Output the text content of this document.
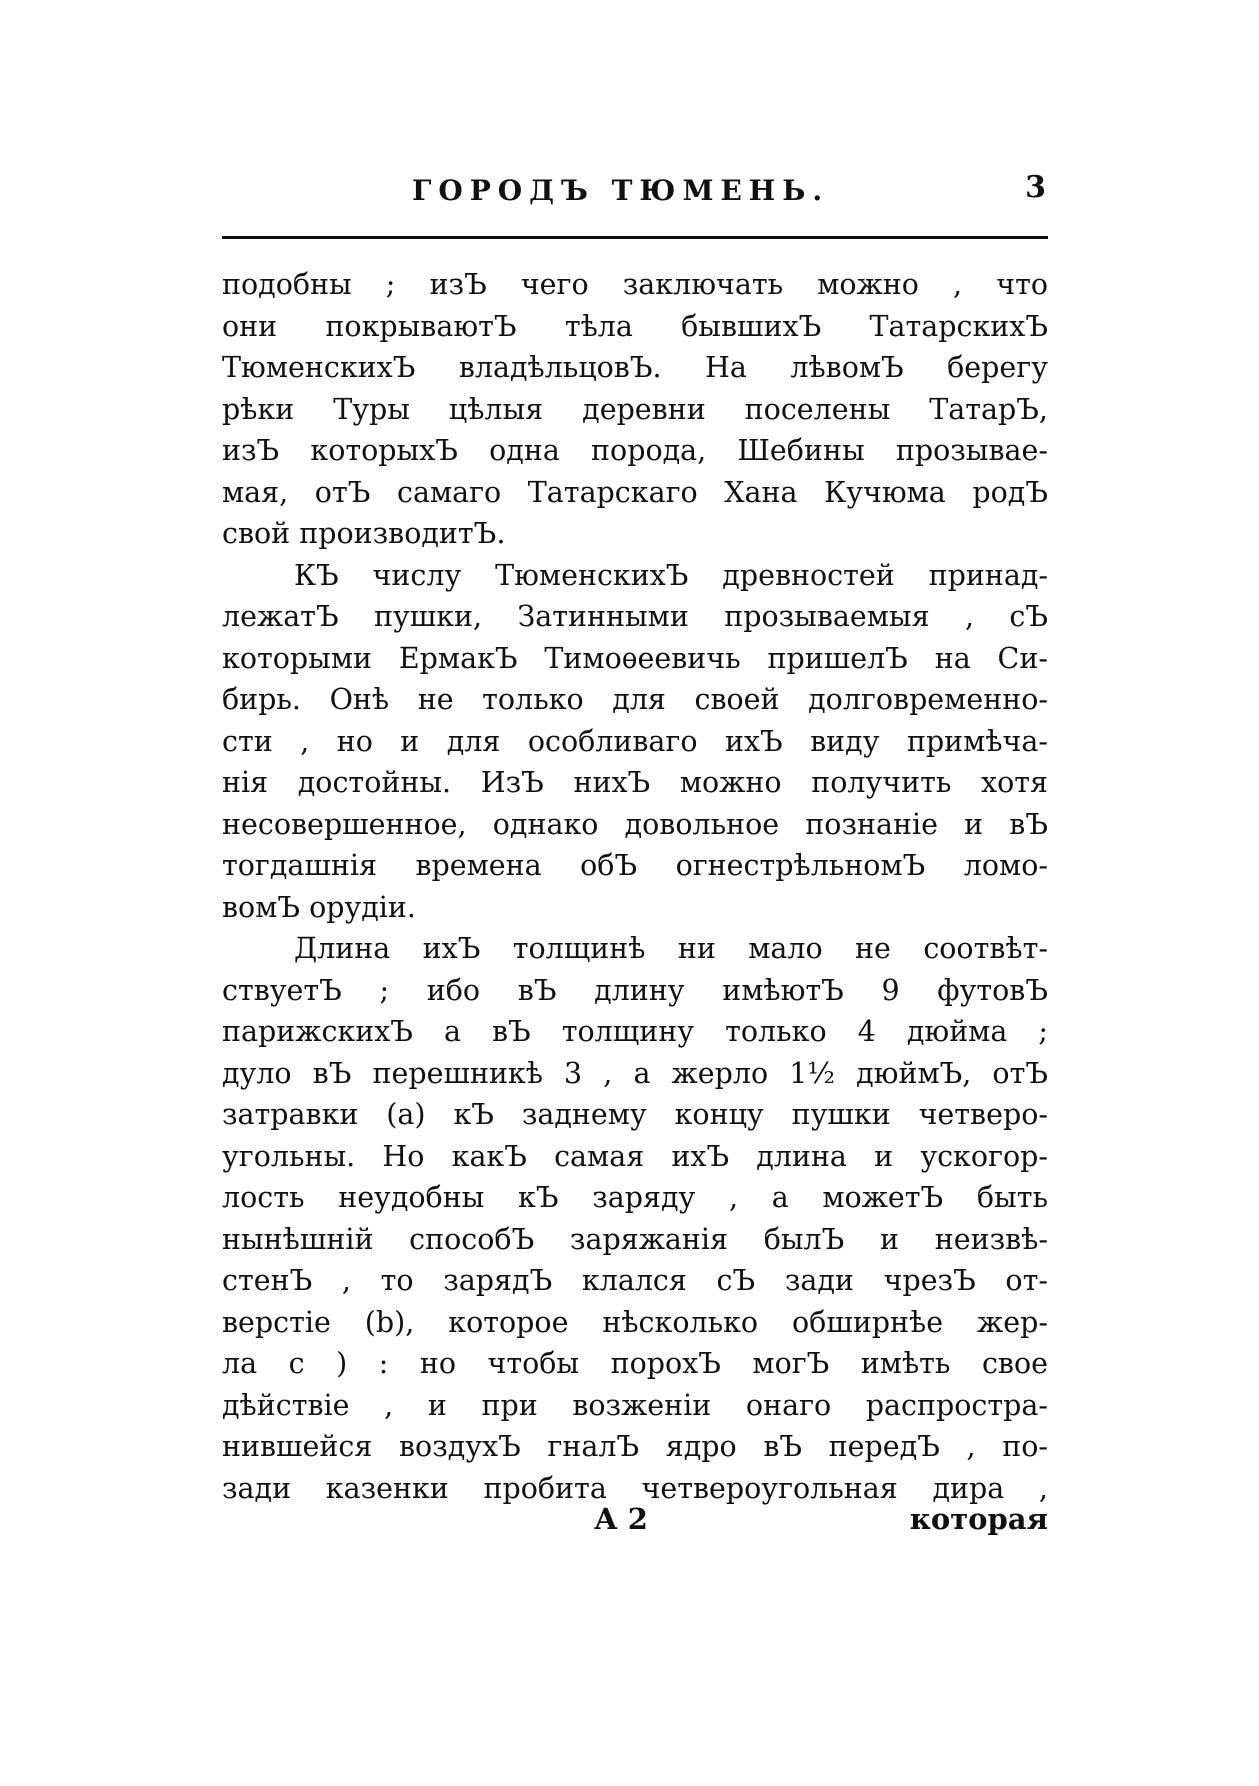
ГОРОДЪ ТЮМЕНЬ.	3
подобны ; изЪ чего заключать можно , что
они покрываютЪ тѣла бывшихЪ ТатарскихЪ
ТюменскихЪ владѣльцовЪ. На лѣвомЪ берегу
рѣки Туры цѣлыя деревни поселены ТатарЪ,
изЪ которыхЪ одна порода, Шебины прозывае-
мая, отЪ самаго Татарскаго Хана Кучюма родЪ
свой производитЪ.
КЪ числу ТюменскихЪ древностей принад-
лежатЪ пушки, Затинными прозываемыя , сЪ
которыми ЕрмакЪ Тимоѳеевичь пришелЪ на Си-
бирь. Онѣ не только для своей долговременно-
сти , но и для особливаго ихЪ виду примѣча-
нія достойны. ИзЪ нихЪ можно получить хотя
несовершенное, однако довольное познаніе и вЪ
тогдашнія времена обЪ огнестрѣльномЪ ломо-
вомЪ орудіи.
Длина ихЪ толщинѣ ни мало не соотвѣт-
ствуетЪ ; ибо вЪ длину имѣютЪ 9 футовЪ
парижскихЪ а вЪ толщину только 4 дюйма ;
дуло вЪ перешникѣ 3 , а жерло 1½ дюймЪ, отЪ
затравки (а) кЪ заднему концу пушки четверо-
угольны. Но какЪ самая ихЪ длина и ускогор-
лость неудобны кЪ заряду , а можетЪ быть
нынѣшній способЪ заряжанія былЪ и неизвѣ-
стенЪ , то зарядЪ клался сЪ зади чрезЪ от-
верстіе (b), которое нѣсколько обширнѣе жер-
ла c ) : но чтобы порохЪ могЪ имѣть свое
дѣйствіе , и при возженіи онаго распростра-
нившейся воздухЪ гналЪ ядро вЪ передЪ , по-
зади казенки пробита четвероугольная дира ,
А 2	которая
